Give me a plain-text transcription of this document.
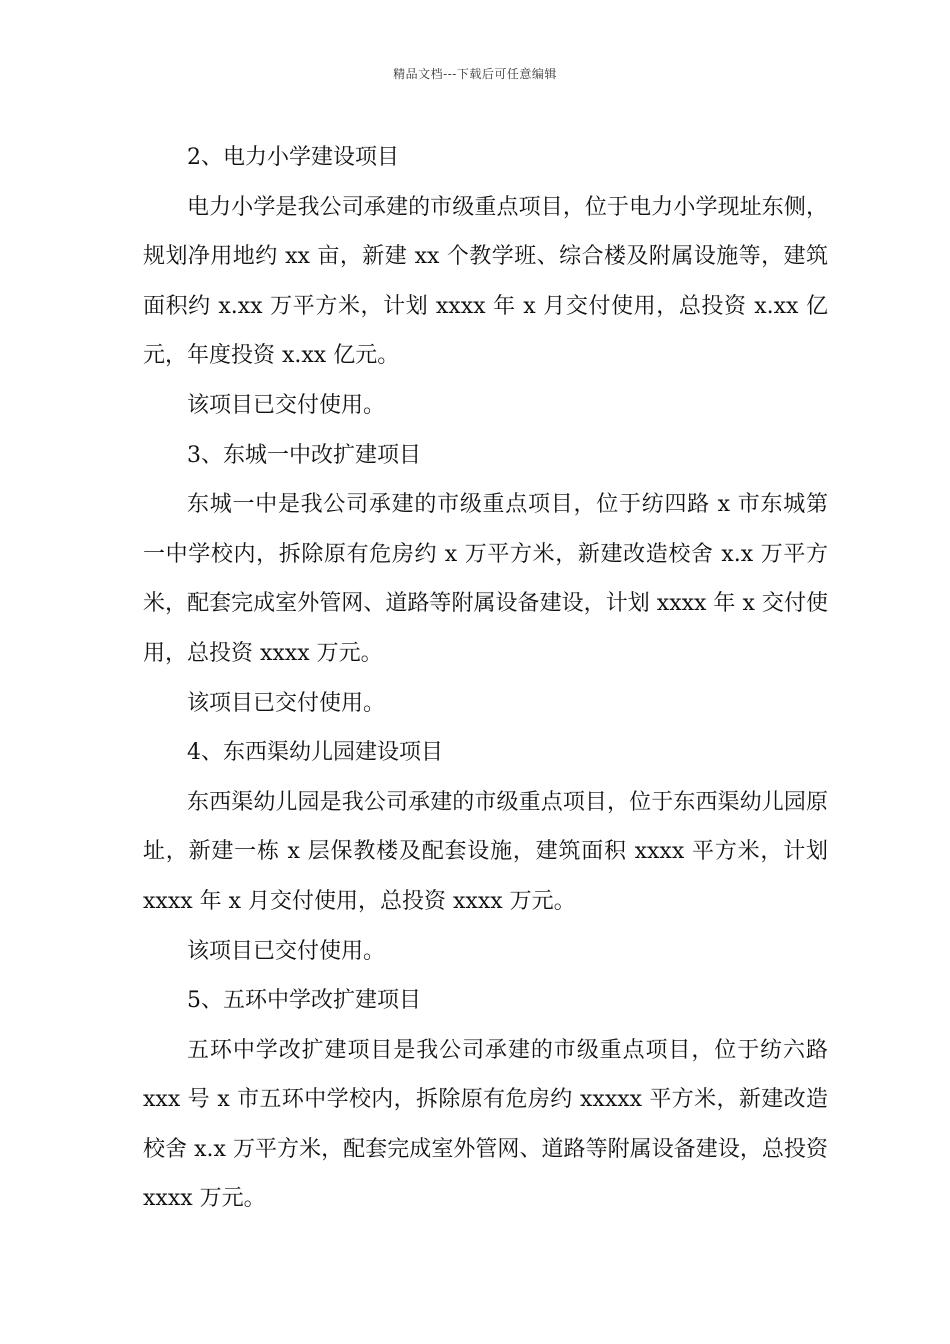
精品文档---下载后可任意编辑

2、电力小学建设项目

电力小学是我公司承建的市级重点项目，位于电力小学现址东侧，规划净用地约 xx 亩，新建 xx 个教学班、综合楼及附属设施等，建筑面积约 x.xx 万平方米，计划 xxxx 年 x 月交付使用，总投资 x.xx 亿元，年度投资 x.xx 亿元。

该项目已交付使用。

3、东城一中改扩建项目

东城一中是我公司承建的市级重点项目，位于纺四路 x 市东城第一中学校内，拆除原有危房约 x 万平方米，新建改造校舍 x.x 万平方米，配套完成室外管网、道路等附属设备建设，计划 xxxx 年 x 交付使用，总投资 xxxx 万元。

该项目已交付使用。

4、东西渠幼儿园建设项目

东西渠幼儿园是我公司承建的市级重点项目，位于东西渠幼儿园原址，新建一栋 x 层保教楼及配套设施，建筑面积 xxxx 平方米，计划 xxxx 年 x 月交付使用，总投资 xxxx 万元。

该项目已交付使用。

5、五环中学改扩建项目

五环中学改扩建项目是我公司承建的市级重点项目，位于纺六路 xxx 号 x 市五环中学校内，拆除原有危房约 xxxxx 平方米，新建改造校舍 x.x 万平方米，配套完成室外管网、道路等附属设备建设，总投资 xxxx 万元。
